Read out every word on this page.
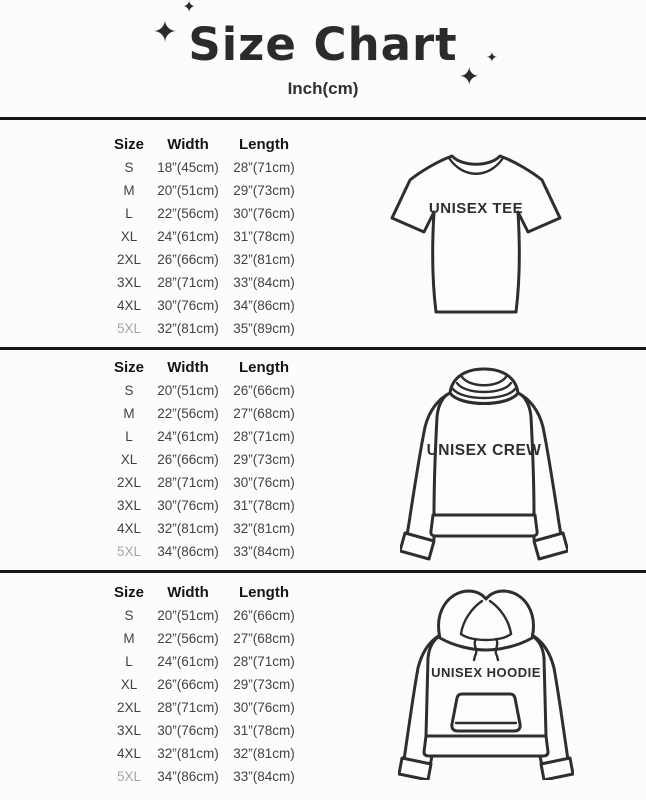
✦
✦
Size Chart
✦
✦
Inch(cm)
Size Width Length
S 18”(45cm) 28”(71cm)
M 20”(51cm) 29”(73cm)
L 22”(56cm) 30”(76cm)
XL 24”(61cm) 31”(78cm)
2XL 26”(66cm) 32”(81cm)
3XL 28”(71cm) 33”(84cm)
4XL 30”(76cm) 34”(86cm)
5XL 32”(81cm) 35”(89cm)
Size Width Length
S 20”(51cm) 26”(66cm)
M 22”(56cm) 27”(68cm)
L 24”(61cm) 28”(71cm)
XL 26”(66cm) 29”(73cm)
2XL 28”(71cm) 30”(76cm)
3XL 30”(76cm) 31”(78cm)
4XL 32”(81cm) 32”(81cm)
5XL 34”(86cm) 33”(84cm)
Size Width Length
S 20”(51cm) 26”(66cm)
M 22”(56cm) 27”(68cm)
L 24”(61cm) 28”(71cm)
XL 26”(66cm) 29”(73cm)
2XL 28”(71cm) 30”(76cm)
3XL 30”(76cm) 31”(78cm)
4XL 32”(81cm) 32”(81cm)
5XL 34”(86cm) 33”(84cm)
UNISEX TEE
UNISEX CREW
UNISEX HOODIE
